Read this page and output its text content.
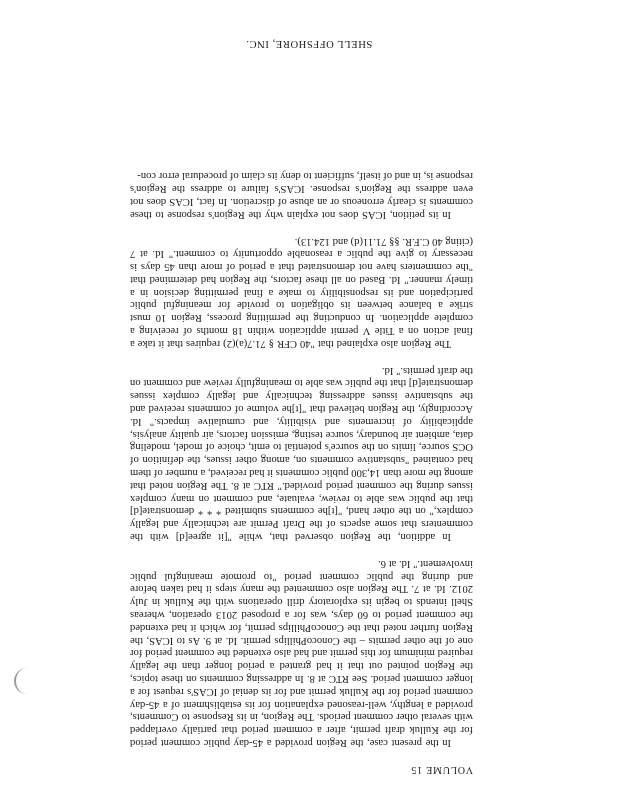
SHELL OFFSHORE, INC.

In the present case, the Region provided a 45-day public comment period for the Kulluk draft permit, after a comment period that partially overlapped with several other comment periods. The Region, in its Response to Comments, provided a lengthy, well-reasoned explanation for its establishment of a 45-day comment period for the Kulluk permit and for its denial of ICAS's request for a longer comment period. See RTC at 8. In addressing comments on these topics, the Region pointed out that it had granted a period longer than the legally required minimum for this permit and had also extended the comment period for one of the other permits – the ConocoPhillips permit. Id. at 9. As to ICAS, the Region further noted that the ConocoPhillips permit, for which it had extended the comment period to 60 days, was for a proposed 2013 operation, whereas Shell intends to begin its exploratory drill operations with the Kulluk in July 2012. Id. at 7. The Region also commented the many steps it had taken before and during the public comment period "to promote meaningful public involvement." Id. at 6.

In addition, the Region observed that, while "[it agree[d] with the commenters that some aspects of the Draft Permit are technically and legally complex," on the other hand, "[t]he comments submitted * * * demonstrate[d] that the public was able to review, evaluate, and comment on many complex issues during the comment period provided." RTC at 8. The Region noted that among the more than 14,300 public comments it had received, a number of them had contained "substantive comments on, among other issues, the definition of OCS source, limits on the source's potential to emit, choice of model, modeling data, ambient air boundary, source testing, emission factors, air quality analysis, applicability of increments and visibility, and cumulative impacts." Id. Accordingly, the Region believed that "[t]he volume of comments received and the substantive issues addressing technically and legally complex issues demonstrate[d] that the public was able to meaningfully review and comment on the draft permits." Id.

The Region also explained that "40 CFR § 71.7(a)(2) requires that it take a final action on a Title V permit application within 18 months of receiving a complete application. In conducting the permitting process, Region 10 must strike a balance between its obligation to provide for meaningful public participation and its responsibility to make a final permitting decision in a timely manner." Id. Based on all these factors, the Region had determined that "the commenters have not demonstrated that a period of more than 45 days is necessary to give the public a reasonable opportunity to comment." Id. at 7 (citing 40 C.F.R. §§ 71.11(d) and 124.13).

In its petition, ICAS does not explain why the Region's response to these comments is clearly erroneous or an abuse of discretion. In fact, ICAS does not even address the Region's response. ICAS's failure to address the Region's response is, in and of itself, sufficient to deny its claim of procedural error con-

VOLUME 15
